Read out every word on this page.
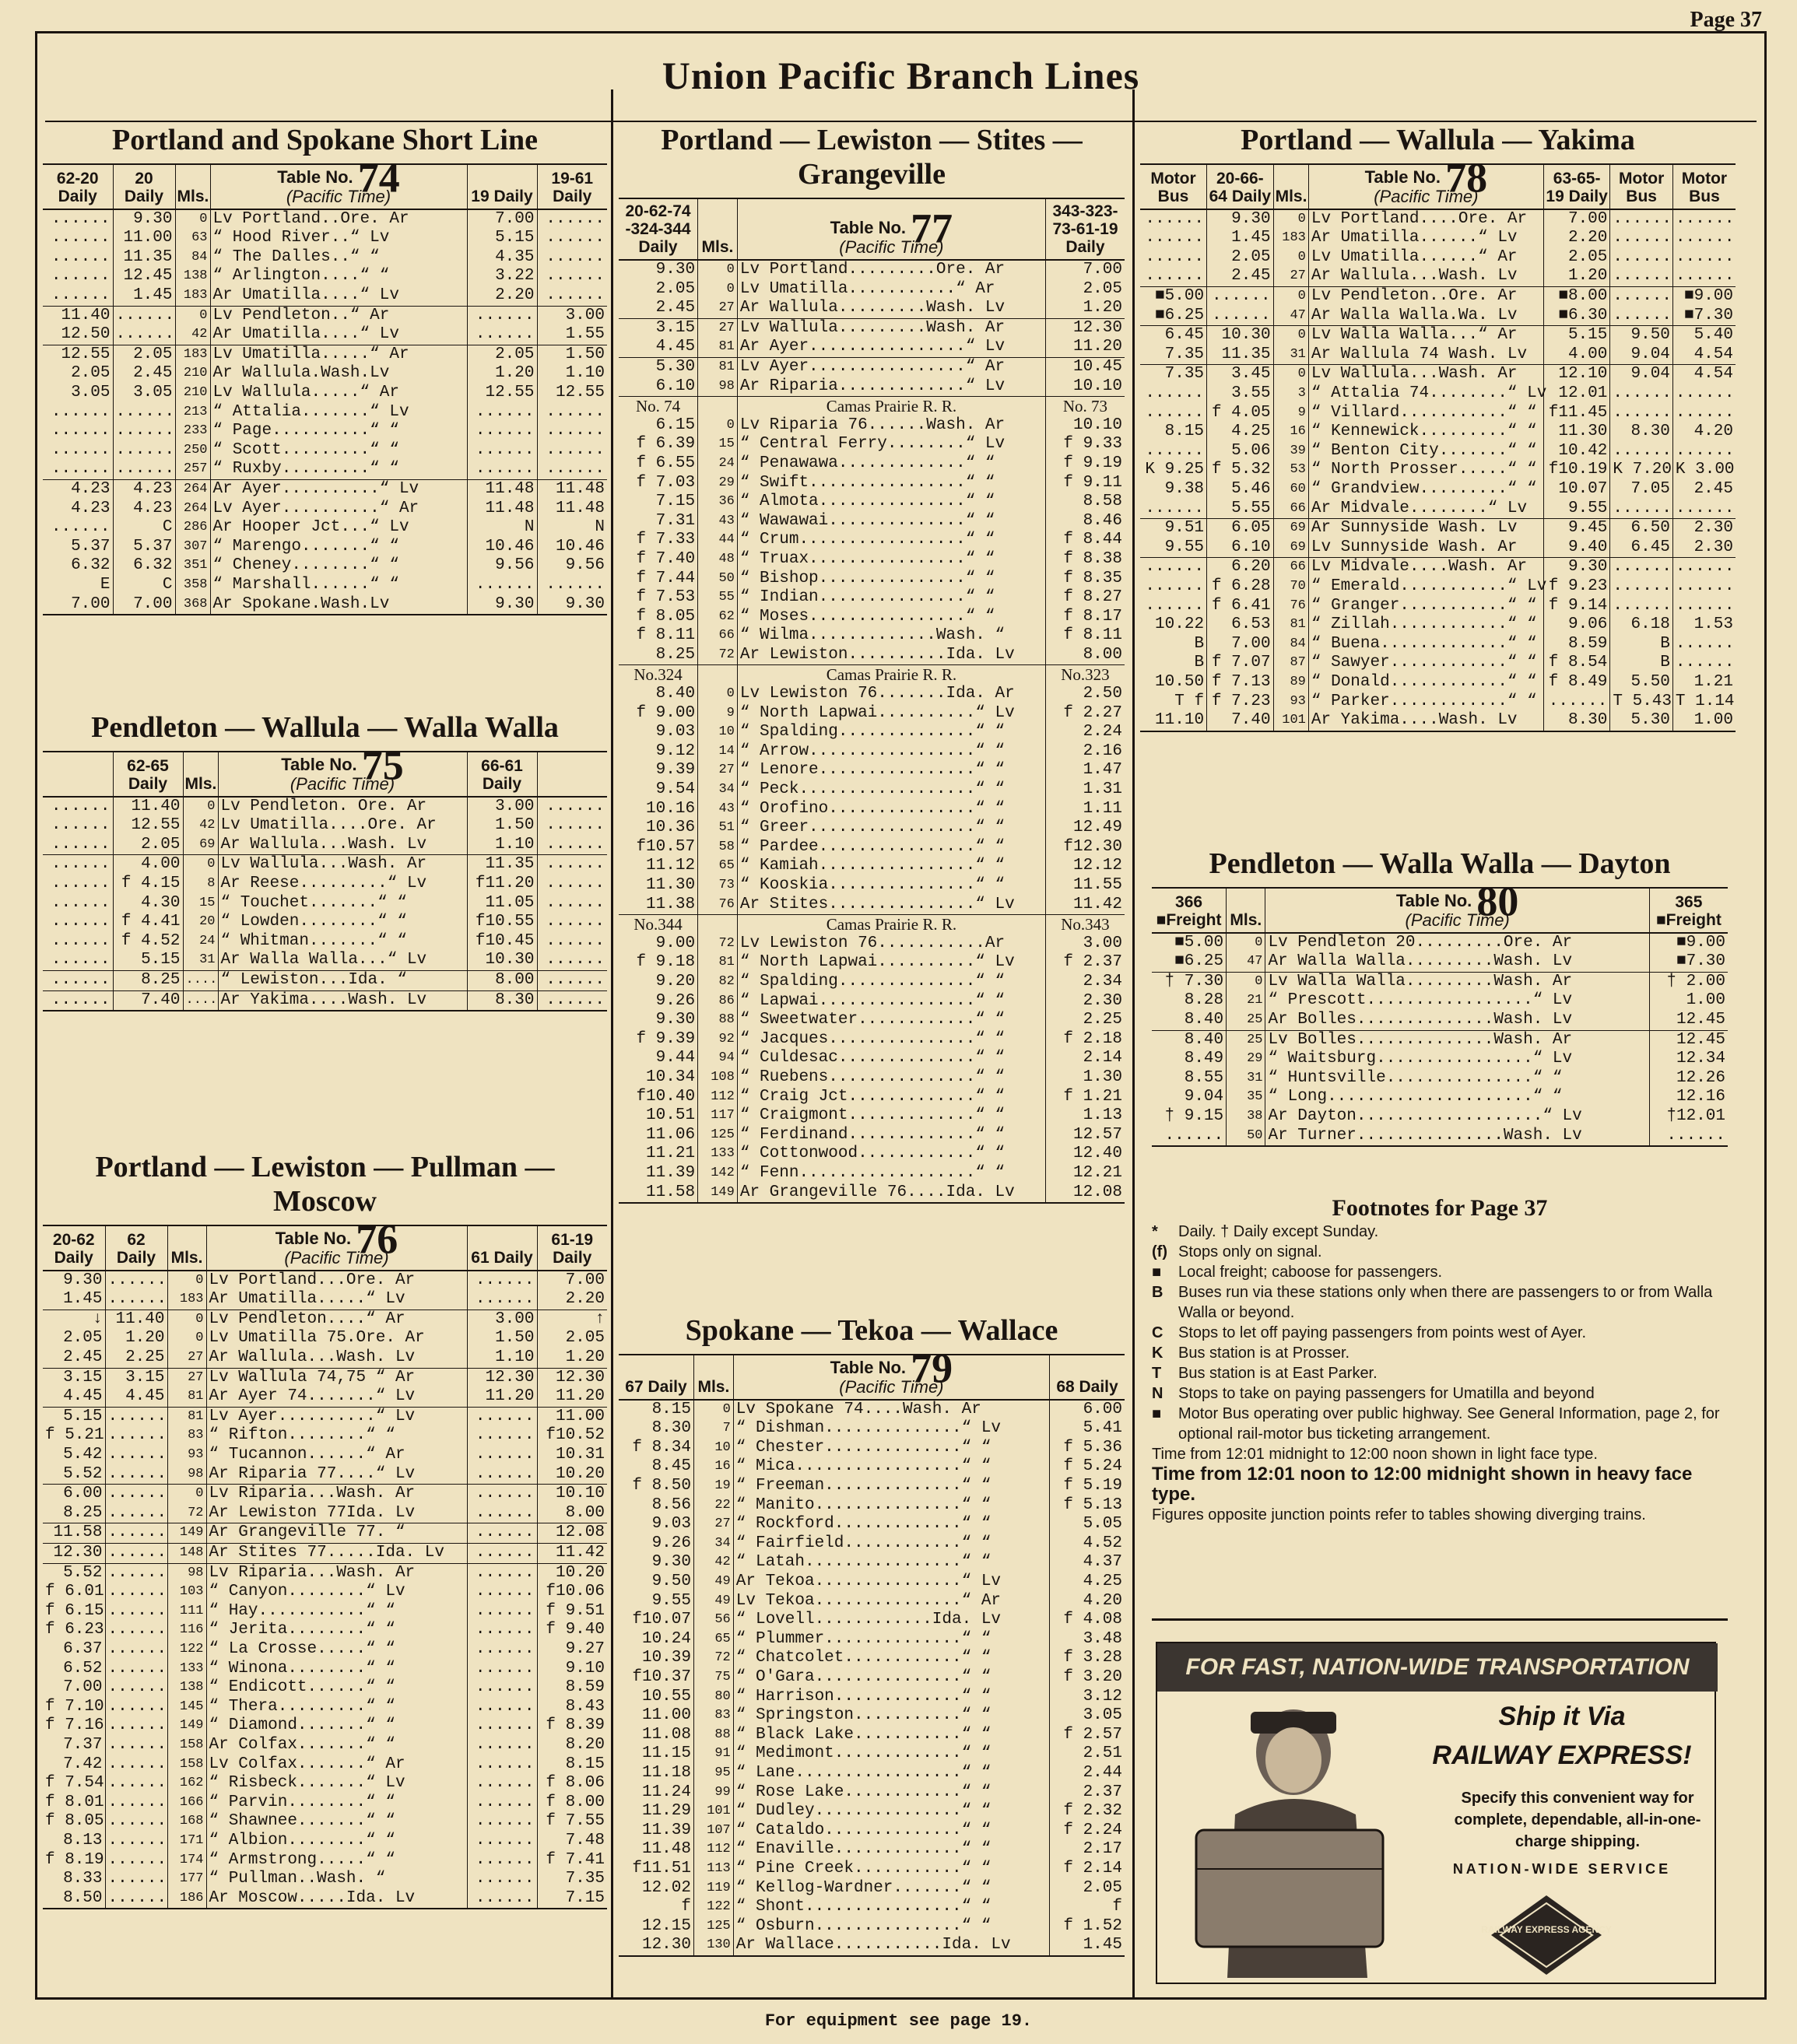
Page 37
Union Pacific Branch Lines
Portland and Spokane Short Line
62-20 Daily	20 Daily	Mls.	Table No. 74
(Pacific Time)	19 Daily	19-61 Daily
......	9.30	0	Lv Portland..Ore. Ar	7.00	......
......	11.00	63	“ Hood River..“ Lv	5.15	......
......	11.35	84	“ The Dalles..“ “	4.35	......
......	12.45	138	“ Arlington....“ “	3.22	......
......	1.45	183	Ar Umatilla....“ Lv	2.20	......
11.40	......	0	Lv Pendleton..“ Ar	......	3.00
12.50	......	42	Ar Umatilla....“ Lv	......	1.55
12.55	2.05	183	Lv Umatilla.....“ Ar	2.05	1.50
2.05	2.45	210	Ar Wallula.Wash.Lv	1.20	1.10
3.05	3.05	210	Lv Wallula.....“ Ar	12.55	12.55
......	......	213	“ Attalia.......“ Lv	......	......
......	......	233	“ Page..........“ “	......	......
......	......	250	“ Scott.........“ “	......	......
......	......	257	“ Ruxby.........“ “	......	......
4.23	4.23	264	Ar Ayer..........“ Lv	11.48	11.48
4.23	4.23	264	Lv Ayer..........“ Ar	11.48	11.48
......	C	286	Ar Hooper Jct...“ Lv	N	N
5.37	5.37	307	“ Marengo.......“ “	10.46	10.46
6.32	6.32	351	“ Cheney........“ “	9.56	9.56
E	C	358	“ Marshall......“ “	......	......
7.00	7.00	368	Ar Spokane.Wash.Lv	9.30	9.30
Pendleton — Wallula — Walla Walla
	62-65 Daily	Mls.	Table No. 75
(Pacific Time)	66-61 Daily	
......	11.40	0	Lv Pendleton. Ore. Ar	3.00	......
......	12.55	42	Lv Umatilla....Ore. Ar	1.50	......
......	2.05	69	Ar Wallula...Wash. Lv	1.10	......
......	4.00	0	Lv Wallula...Wash. Ar	11.35	......
......	f 4.15	8	Ar Reese.........“ Lv	f11.20	......
......	4.30	15	“ Touchet.......“ “	11.05	......
......	f 4.41	20	“ Lowden........“ “	f10.55	......
......	f 4.52	24	“ Whitman.......“ “	f10.45	......
......	5.15	31	Ar Walla Walla...“ Lv	10.30	......
......	8.25	....	“ Lewiston...Ida. “	8.00	......
......	7.40	....	Ar Yakima....Wash. Lv	8.30	......
Portland — Lewiston — Pullman — Moscow
20-62 Daily	62 Daily	Mls.	Table No. 76
(Pacific Time)	61 Daily	61-19 Daily
9.30	......	0	Lv Portland...Ore. Ar	......	7.00
1.45	......	183	Ar Umatilla.....“ Lv	......	2.20
↓	11.40	0	Lv Pendleton....“ Ar	3.00	↑
2.05	1.20	0	Lv Umatilla 75.Ore. Ar	1.50	2.05
2.45	2.25	27	Ar Wallula...Wash. Lv	1.10	1.20
3.15	3.15	27	Lv Wallula 74,75 “ Ar	12.30	12.30
4.45	4.45	81	Ar Ayer 74.......“ Lv	11.20	11.20
5.15	......	81	Lv Ayer..........“ Lv	......	11.00
f 5.21	......	83	“ Rifton........“ “	......	f10.52
5.42	......	93	“ Tucannon......“ Ar	......	10.31
5.52	......	98	Ar Riparia 77....“ Lv	......	10.20
6.00	......	0	Lv Riparia...Wash. Ar	......	10.10
8.25	......	72	Ar Lewiston 77Ida. Lv	......	8.00
11.58	......	149	Ar Grangeville 77. “	......	12.08
12.30	......	148	Ar Stites 77.....Ida. Lv	......	11.42
5.52	......	98	Lv Riparia...Wash. Ar	......	10.20
f 6.01	......	103	“ Canyon........“ Lv	......	f10.06
f 6.15	......	111	“ Hay...........“ “	......	f 9.51
f 6.23	......	116	“ Jerita........“ “	......	f 9.40
6.37	......	122	“ La Crosse.....“ “	......	9.27
6.52	......	133	“ Winona........“ “	......	9.10
7.00	......	138	“ Endicott......“ “	......	8.59
f 7.10	......	145	“ Thera.........“ “	......	8.43
f 7.16	......	149	“ Diamond.......“ “	......	f 8.39
7.37	......	158	Ar Colfax.......“ “	......	8.20
7.42	......	158	Lv Colfax.......“ Ar	......	8.15
f 7.54	......	162	“ Risbeck.......“ Lv	......	f 8.06
f 8.01	......	166	“ Parvin........“ “	......	f 8.00
f 8.05	......	168	“ Shawnee.......“ “	......	f 7.55
8.13	......	171	“ Albion........“ “	......	7.48
f 8.19	......	174	“ Armstrong.....“ “	......	f 7.41
8.33	......	177	“ Pullman..Wash. “	......	7.35
8.50	......	186	Ar Moscow.....Ida. Lv	......	7.15
Portland — Lewiston — Stites — Grangeville
20-62-74 -324-344 Daily	Mls.	Table No. 77
(Pacific Time)	343-323-73-61-19 Daily
9.30	0	Lv Portland.........Ore. Ar	7.00
2.05	0	Lv Umatilla...........“ Ar	2.05
2.45	27	Ar Wallula.........Wash. Lv	1.20
3.15	27	Lv Wallula.........Wash. Ar	12.30
4.45	81	Ar Ayer................“ Lv	11.20
5.30	81	Lv Ayer................“ Ar	10.45
6.10	98	Ar Riparia.............“ Lv	10.10
No. 74		Camas Prairie R. R.	No. 73
6.15	0	Lv Riparia 76......Wash. Ar	10.10
f 6.39	15	“ Central Ferry........“ Lv	f 9.33
f 6.55	24	“ Penawawa.............“ “	f 9.19
f 7.03	29	“ Swift................“ “	f 9.11
7.15	36	“ Almota...............“ “	8.58
7.31	43	“ Wawawai..............“ “	8.46
f 7.33	44	“ Crum.................“ “	f 8.44
f 7.40	48	“ Truax................“ “	f 8.38
f 7.44	50	“ Bishop...............“ “	f 8.35
f 7.53	55	“ Indian...............“ “	f 8.27
f 8.05	62	“ Moses................“ “	f 8.17
f 8.11	66	“ Wilma.............Wash. “	f 8.11
8.25	72	Ar Lewiston..........Ida. Lv	8.00
No.324		Camas Prairie R. R.	No.323
8.40	0	Lv Lewiston 76.......Ida. Ar	2.50
f 9.00	9	“ North Lapwai..........“ Lv	f 2.27
9.03	10	“ Spalding..............“ “	2.24
9.12	14	“ Arrow.................“ “	2.16
9.39	27	“ Lenore................“ “	1.47
9.54	34	“ Peck..................“ “	1.31
10.16	43	“ Orofino...............“ “	1.11
10.36	51	“ Greer.................“ “	12.49
f10.57	58	“ Pardee................“ “	f12.30
11.12	65	“ Kamiah................“ “	12.12
11.30	73	“ Kooskia...............“ “	11.55
11.38	76	Ar Stites...............“ Lv	11.42
No.344		Camas Prairie R. R.	No.343
9.00	72	Lv Lewiston 76...........Ar	3.00
f 9.18	81	“ North Lapwai..........“ Lv	f 2.37
9.20	82	“ Spalding..............“ “	2.34
9.26	86	“ Lapwai................“ “	2.30
9.30	88	“ Sweetwater............“ “	2.25
f 9.39	92	“ Jacques...............“ “	f 2.18
9.44	94	“ Culdesac..............“ “	2.14
10.34	108	“ Ruebens...............“ “	1.30
f10.40	112	“ Craig Jct.............“ “	f 1.21
10.51	117	“ Craigmont.............“ “	1.13
11.06	125	“ Ferdinand.............“ “	12.57
11.21	133	“ Cottonwood............“ “	12.40
11.39	142	“ Fenn..................“ “	12.21
11.58	149	Ar Grangeville 76....Ida. Lv	12.08
Spokane — Tekoa — Wallace
67 Daily	Mls.	Table No. 79
(Pacific Time)	68 Daily
8.15	0	Lv Spokane 74....Wash. Ar	6.00
8.30	7	“ Dishman..............“ Lv	5.41
f 8.34	10	“ Chester..............“ “	f 5.36
8.45	16	“ Mica.................“ “	f 5.24
f 8.50	19	“ Freeman..............“ “	f 5.19
8.56	22	“ Manito...............“ “	f 5.13
9.03	27	“ Rockford.............“ “	5.05
9.26	34	“ Fairfield............“ “	4.52
9.30	42	“ Latah................“ “	4.37
9.50	49	Ar Tekoa...............“ Lv	4.25
9.55	49	Lv Tekoa...............“ Ar	4.20
f10.07	56	“ Lovell............Ida. Lv	f 4.08
10.24	65	“ Plummer..............“ “	3.48
10.39	72	“ Chatcolet............“ “	f 3.28
f10.37	75	“ O'Gara...............“ “	f 3.20
10.55	80	“ Harrison.............“ “	3.12
11.00	83	“ Springston...........“ “	3.05
11.08	88	“ Black Lake...........“ “	f 2.57
11.15	91	“ Medimont.............“ “	2.51
11.18	95	“ Lane.................“ “	2.44
11.24	99	“ Rose Lake............“ “	2.37
11.29	101	“ Dudley...............“ “	f 2.32
11.39	107	“ Cataldo..............“ “	f 2.24
11.48	112	“ Enaville.............“ “	2.17
f11.51	113	“ Pine Creek...........“ “	f 2.14
12.02	119	“ Kellog-Wardner.......“ “	2.05
f	122	“ Shont................“ “	f
12.15	125	“ Osburn...............“ “	f 1.52
12.30	130	Ar Wallace...........Ida. Lv	1.45
Portland — Wallula — Yakima
Motor Bus	20-66-64 Daily	Mls.	Table No. 78
(Pacific Time)	63-65-19 Daily	Motor Bus	Motor Bus
......	9.30	0	Lv Portland....Ore. Ar	7.00	......	......
......	1.45	183	Ar Umatilla......“ Lv	2.20	......	......
......	2.05	0	Lv Umatilla......“ Ar	2.05	......	......
......	2.45	27	Ar Wallula...Wash. Lv	1.20	......	......
■5.00	......	0	Lv Pendleton..Ore. Ar	■8.00	......	■9.00
■6.25	......	47	Ar Walla Walla.Wa. Lv	■6.30	......	■7.30
6.45	10.30	0	Lv Walla Walla...“ Ar	5.15	9.50	5.40
7.35	11.35	31	Ar Wallula 74 Wash. Lv	4.00	9.04	4.54
7.35	3.45	0	Lv Wallula...Wash. Ar	12.10	9.04	4.54
......	3.55	3	“ Attalia 74........“ Lv	12.01	......	......
......	f 4.05	9	“ Villard...........“ “	f11.45	......	......
8.15	4.25	16	“ Kennewick.........“ “	11.30	8.30	4.20
......	5.06	39	“ Benton City.......“ “	10.42	......	......
K 9.25	f 5.32	53	“ North Prosser.....“ “	f10.19	K 7.20	K 3.00
9.38	5.46	60	“ Grandview.........“ “	10.07	7.05	2.45
......	5.55	66	Ar Midvale........“ Lv	9.55	......	......
9.51	6.05	69	Ar Sunnyside Wash. Lv	9.45	6.50	2.30
9.55	6.10	69	Lv Sunnyside Wash. Ar	9.40	6.45	2.30
......	6.20	66	Lv Midvale....Wash. Ar	9.30	......	......
......	f 6.28	70	“ Emerald...........“ Lv	f 9.23	......	......
......	f 6.41	76	“ Granger...........“ “	f 9.14	......	......
10.22	6.53	81	“ Zillah............“ “	9.06	6.18	1.53
B	7.00	84	“ Buena.............“ “	8.59	B	......
B	f 7.07	87	“ Sawyer............“ “	f 8.54	B	......
10.50	f 7.13	89	“ Donald............“ “	f 8.49	5.50	1.21
T f	f 7.23	93	“ Parker............“ “	......	T 5.43	T 1.14
11.10	7.40	101	Ar Yakima....Wash. Lv	8.30	5.30	1.00
Pendleton — Walla Walla — Dayton
366 ■Freight	Mls.	Table No. 80
(Pacific Time)	365 ■Freight
■5.00	0	Lv Pendleton 20.........Ore. Ar	■9.00
■6.25	47	Ar Walla Walla.........Wash. Lv	■7.30
† 7.30	0	Lv Walla Walla.........Wash. Ar	† 2.00
8.28	21	“ Prescott.................“ Lv	1.00
8.40	25	Ar Bolles..............Wash. Lv	12.45
8.40	25	Lv Bolles..............Wash. Ar	12.45
8.49	29	“ Waitsburg................“ Lv	12.34
8.55	31	“ Huntsville...............“ “	12.26
9.04	35	“ Long.....................“ “	12.16
† 9.15	38	Ar Dayton...................“ Lv	†12.01
......	50	Ar Turner...............Wash. Lv	......
Footnotes for Page 37
*	Daily. † Daily except Sunday.
(f) Stops only on signal.
■	Local freight; caboose for passengers.
B Buses run via these stations only when there are passengers to or from Walla Walla or beyond.
C Stops to let off paying passengers from points west of Ayer.
K Bus station is at Prosser.
T	Bus station is at East Parker.
N Stops to take on paying passengers for Umatilla and beyond
■	Motor Bus operating over public highway. See General Information, page 2, for optional rail-motor bus ticketing arrangement.
Time from 12:01 midnight to 12:00 noon shown in light face type.
Time from 12:01 noon to 12:00 midnight shown in heavy face type.
Figures opposite junction points refer to tables showing diverging trains.
FOR FAST, NATION-WIDE TRANSPORTATION
Ship it Via
RAILWAY EXPRESS!
Specify this convenient way for complete, dependable, all-in-one-charge shipping.
NATION-WIDE SERVICE
RAILWAY EXPRESS AGENCY
For equipment see page 19.
